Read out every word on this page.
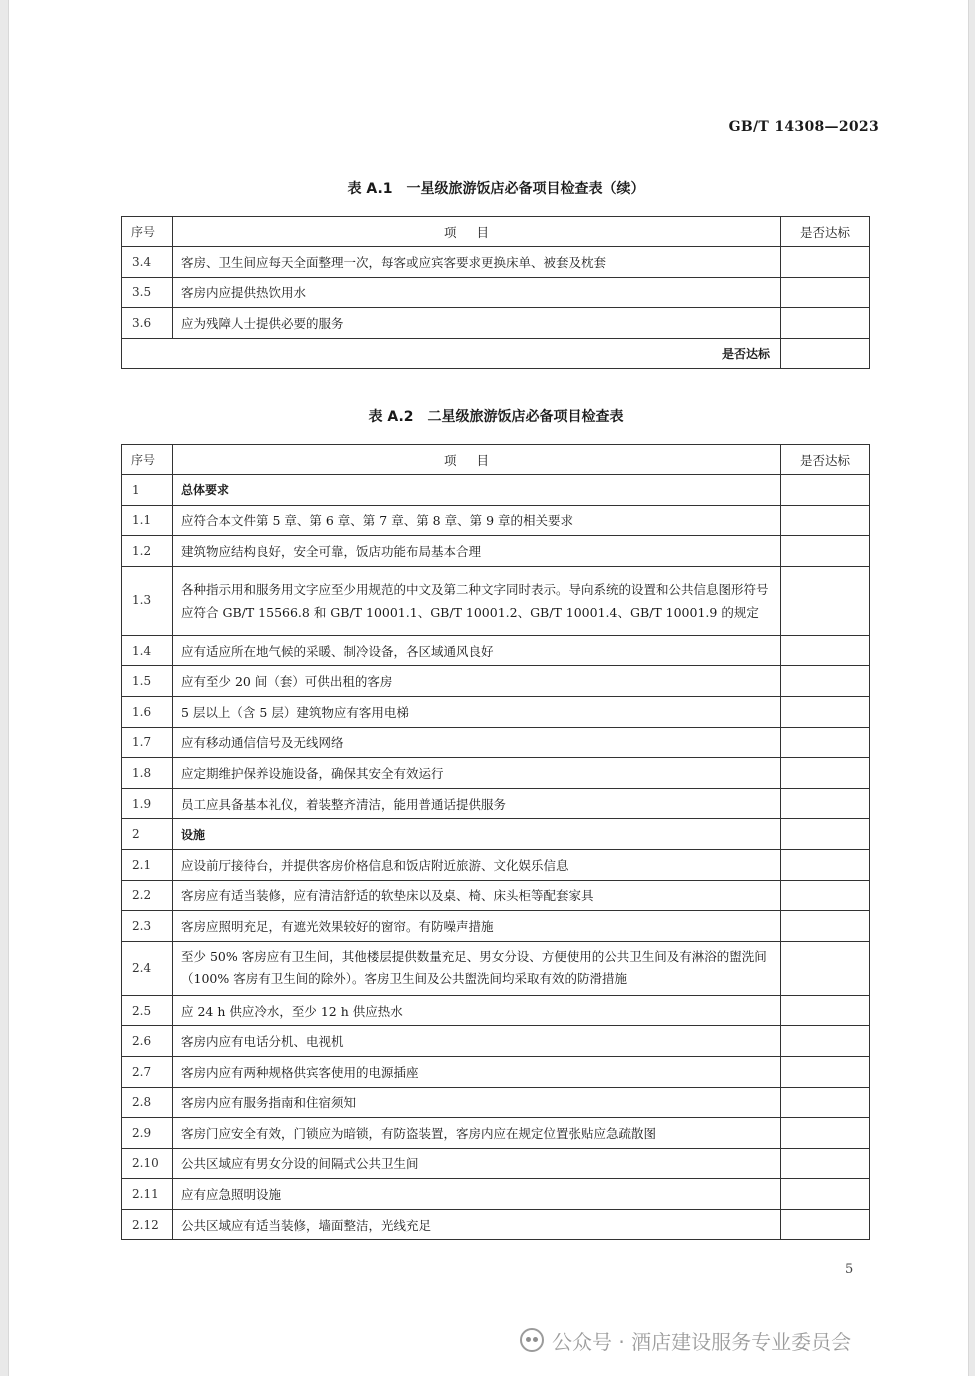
GB/T 14308—2023
表 A.1　一星级旅游饭店必备项目检查表（续）
序号	项目	是否达标
3.4	客房、卫生间应每天全面整理一次，每客或应宾客要求更换床单、被套及枕套	
3.5	客房内应提供热饮用水	
3.6	应为残障人士提供必要的服务	
是否达标		
表 A.2　二星级旅游饭店必备项目检查表
序号	项目	是否达标
1	总体要求	
1.1	应符合本文件第 5 章、第 6 章、第 7 章、第 8 章、第 9 章的相关要求	
1.2	建筑物应结构良好，安全可靠，饭店功能布局基本合理	
1.3	各种指示用和服务用文字应至少用规范的中文及第二种文字同时表示。导向系统的设置和公共信息图形符号应符合 GB/T 15566.8 和 GB/T 10001.1、GB/T 10001.2、GB/T 10001.4、GB/T 10001.9 的规定	
1.4	应有适应所在地气候的采暖、制冷设备，各区域通风良好	
1.5	应有至少 20 间（套）可供出租的客房	
1.6	5 层以上（含 5 层）建筑物应有客用电梯	
1.7	应有移动通信信号及无线网络	
1.8	应定期维护保养设施设备，确保其安全有效运行	
1.9	员工应具备基本礼仪，着装整齐清洁，能用普通话提供服务	
2	设施	
2.1	应设前厅接待台，并提供客房价格信息和饭店附近旅游、文化娱乐信息	
2.2	客房应有适当装修，应有清洁舒适的软垫床以及桌、椅、床头柜等配套家具	
2.3	客房应照明充足，有遮光效果较好的窗帘。有防噪声措施	
2.4	至少 50% 客房应有卫生间，其他楼层提供数量充足、男女分设、方便使用的公共卫生间及有淋浴的盥洗间（100% 客房有卫生间的除外）。客房卫生间及公共盥洗间均采取有效的防滑措施	
2.5	应 24 h 供应冷水，至少 12 h 供应热水	
2.6	客房内应有电话分机、电视机	
2.7	客房内应有两种规格供宾客使用的电源插座	
2.8	客房内应有服务指南和住宿须知	
2.9	客房门应安全有效，门锁应为暗锁，有防盗装置，客房内应在规定位置张贴应急疏散图	
2.10	公共区域应有男女分设的间隔式公共卫生间	
2.11	应有应急照明设施	
2.12	公共区域应有适当装修，墙面整洁，光线充足	
5
公众号 · 酒店建设服务专业委员会
